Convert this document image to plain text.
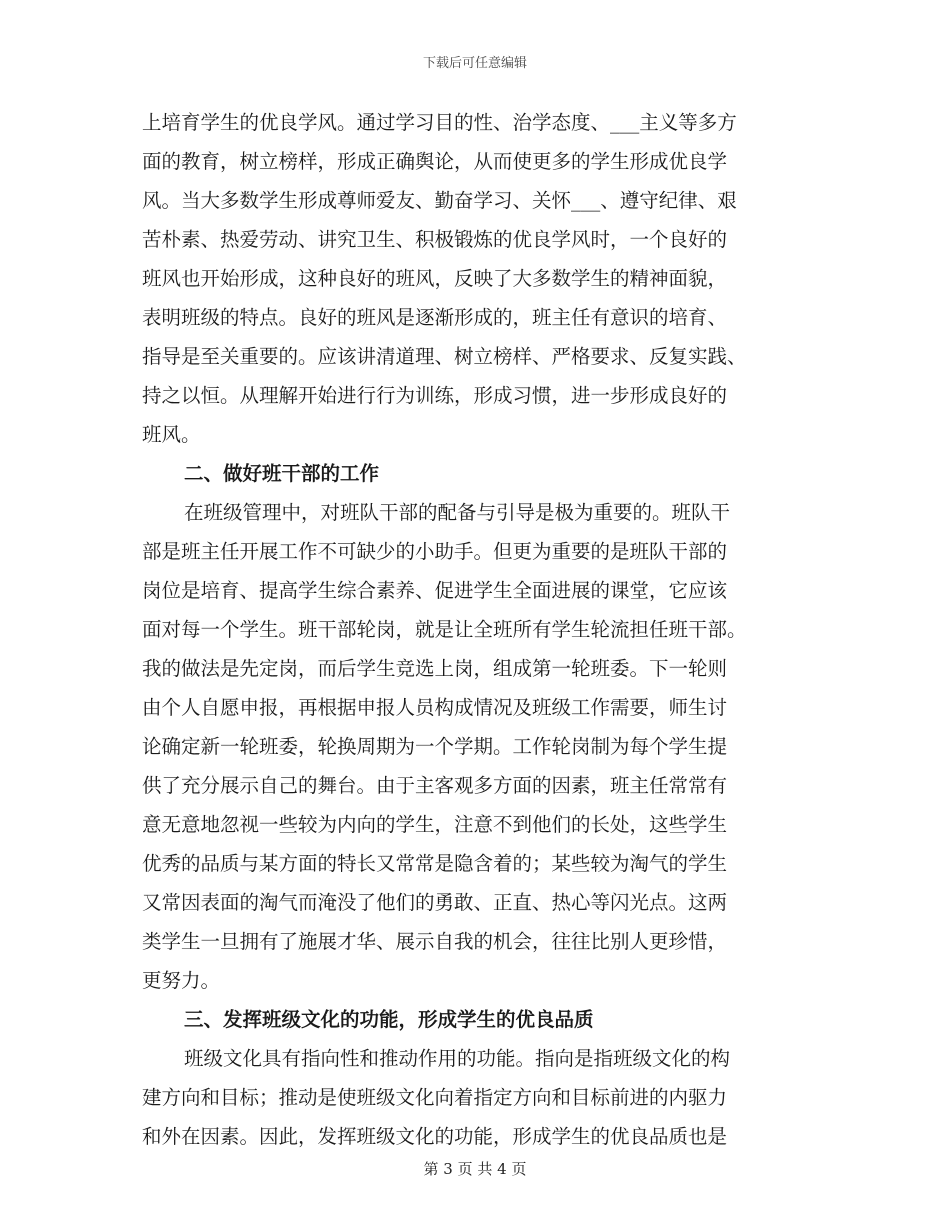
下载后可任意编辑
上培育学生的优良学风。通过学习目的性、治学态度、___主义等多方
面的教育，树立榜样，形成正确舆论，从而使更多的学生形成优良学
风。当大多数学生形成尊师爱友、勤奋学习、关怀___、遵守纪律、艰
苦朴素、热爱劳动、讲究卫生、积极锻炼的优良学风时，一个良好的
班风也开始形成，这种良好的班风，反映了大多数学生的精神面貌，
表明班级的特点。良好的班风是逐渐形成的，班主任有意识的培育、
指导是至关重要的。应该讲清道理、树立榜样、严格要求、反复实践、
持之以恒。从理解开始进行行为训练，形成习惯，进一步形成良好的
班风。
二、做好班干部的工作
在班级管理中，对班队干部的配备与引导是极为重要的。班队干
部是班主任开展工作不可缺少的小助手。但更为重要的是班队干部的
岗位是培育、提高学生综合素养、促进学生全面进展的课堂，它应该
面对每一个学生。班干部轮岗，就是让全班所有学生轮流担任班干部。
我的做法是先定岗，而后学生竞选上岗，组成第一轮班委。下一轮则
由个人自愿申报，再根据申报人员构成情况及班级工作需要，师生讨
论确定新一轮班委，轮换周期为一个学期。工作轮岗制为每个学生提
供了充分展示自己的舞台。由于主客观多方面的因素，班主任常常有
意无意地忽视一些较为内向的学生，注意不到他们的长处，这些学生
优秀的品质与某方面的特长又常常是隐含着的；某些较为淘气的学生
又常因表面的淘气而淹没了他们的勇敢、正直、热心等闪光点。这两
类学生一旦拥有了施展才华、展示自我的机会，往往比别人更珍惜，
更努力。
三、发挥班级文化的功能，形成学生的优良品质
班级文化具有指向性和推动作用的功能。指向是指班级文化的构
建方向和目标；推动是使班级文化向着指定方向和目标前进的内驱力
和外在因素。因此，发挥班级文化的功能，形成学生的优良品质也是
第 3 页 共 4 页
